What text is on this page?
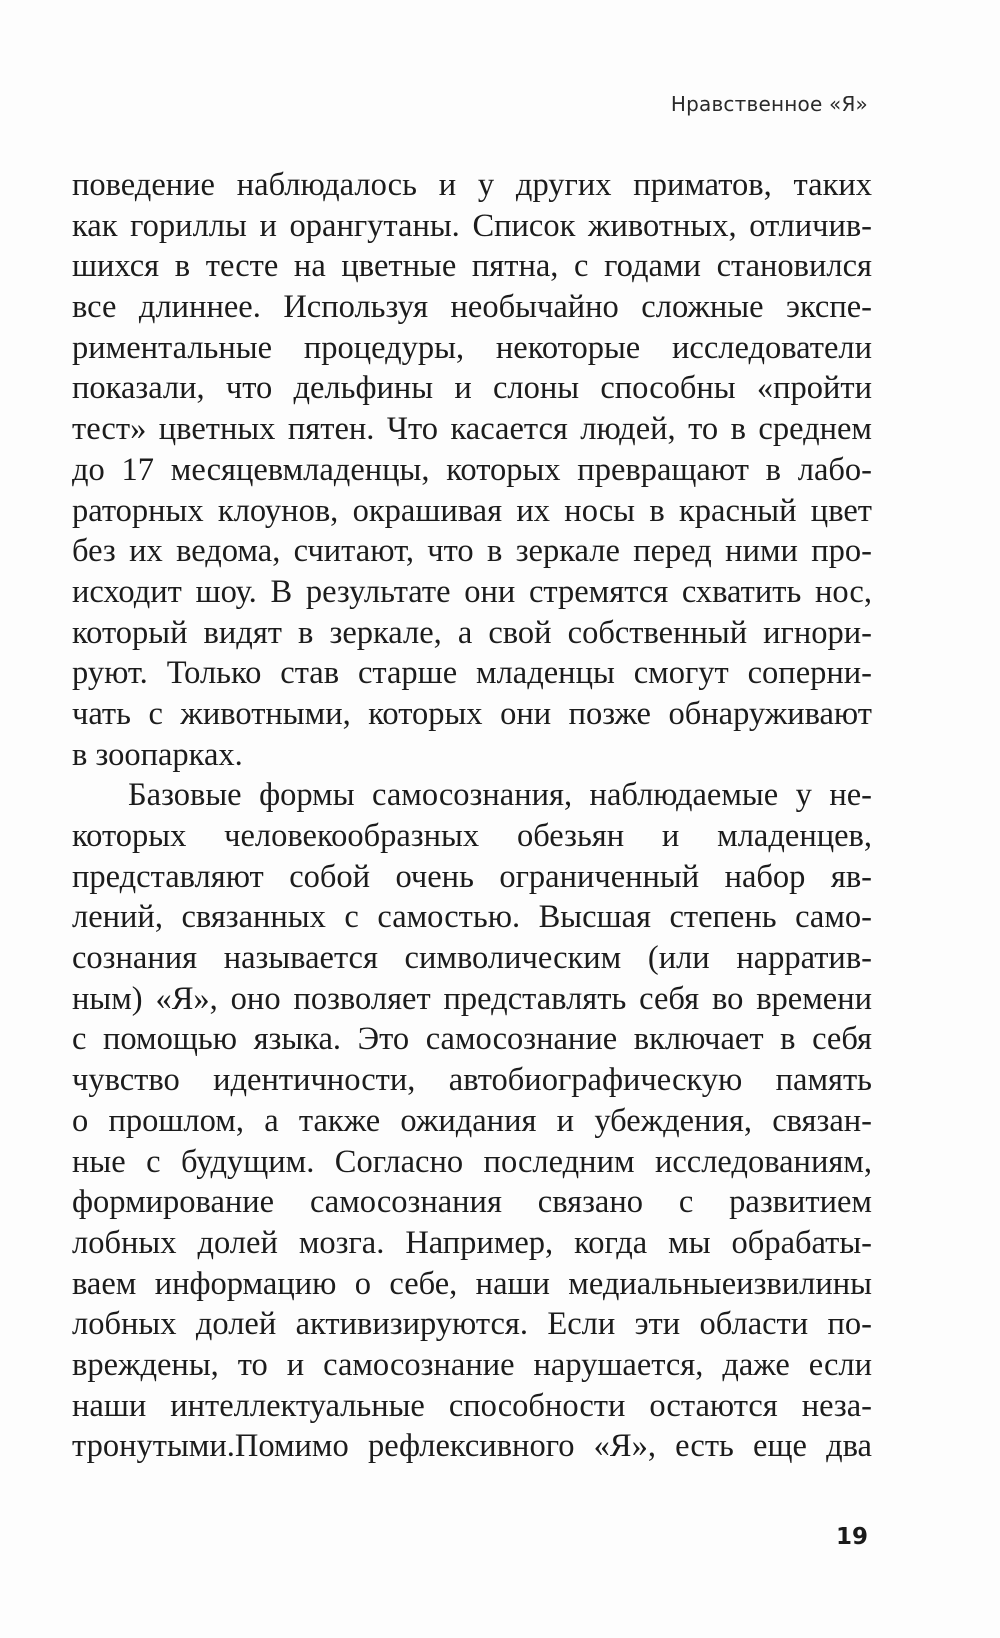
Нравственное «Я»
поведение наблюдалось и у других приматов, таких
как гориллы и орангутаны. Список животных, отличив-
шихся в тесте на цветные пятна, с годами становился
все длиннее. Используя необычайно сложные экспе-
риментальные процедуры, некоторые исследователи
показали, что дельфины и слоны способны «пройти
тест» цветных пятен. Что касается людей, то в среднем
до 17 месяцевмладенцы, которых превращают в лабо-
раторных клоунов, окрашивая их носы в красный цвет
без их ведома, считают, что в зеркале перед ними про-
исходит шоу. В результате они стремятся схватить нос,
который видят в зеркале, а свой собственный игнори-
руют. Только став старше младенцы смогут соперни-
чать с животными, которых они позже обнаруживают
в зоопарках.
Базовые формы самосознания, наблюдаемые у не-
которых человекообразных обезьян и младенцев,
представляют собой очень ограниченный набор яв-
лений, связанных с самостью. Высшая степень само-
сознания называется символическим (или нарратив-
ным) «Я», оно позволяет представлять себя во времени
с помощью языка. Это самосознание включает в себя
чувство идентичности, автобиографическую память
о прошлом, а также ожидания и убеждения, связан-
ные с будущим. Согласно последним исследованиям,
формирование самосознания связано с развитием
лобных долей мозга. Например, когда мы обрабаты-
ваем информацию о себе, наши медиальныеизвилины
лобных долей активизируются. Если эти области по-
вреждены, то и самосознание нарушается, даже если
наши интеллектуальные способности остаются неза-
тронутыми.Помимо рефлексивного «Я», есть еще два
19
